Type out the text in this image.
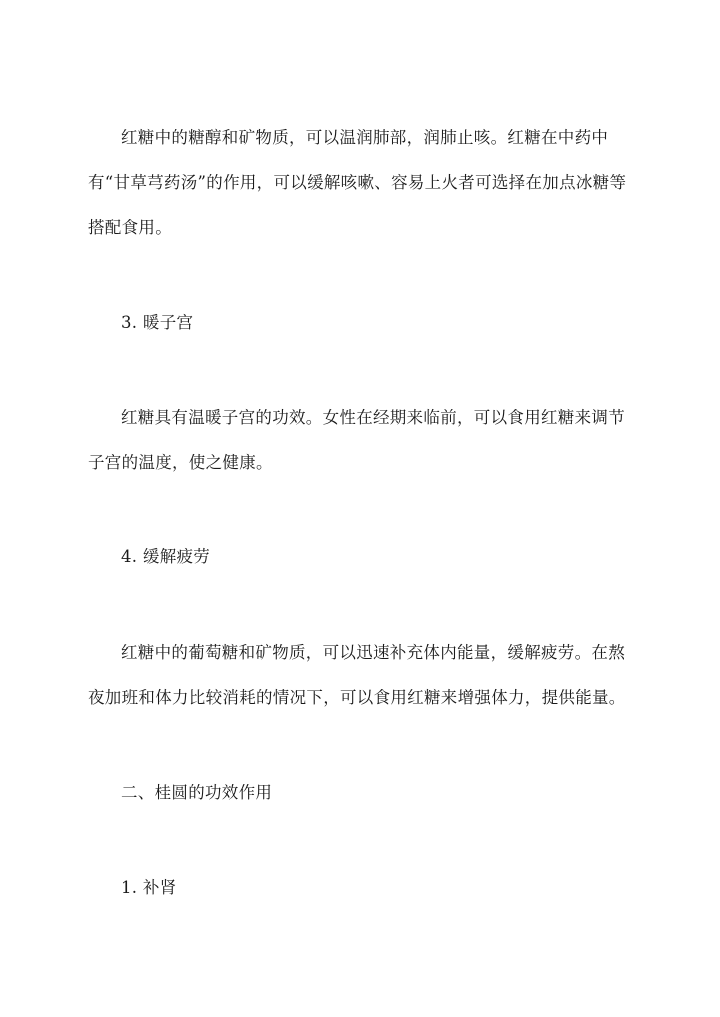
红糖中的糖醇和矿物质，可以温润肺部，润肺止咳。红糖在中药中有“甘草芎药汤”的作用，可以缓解咳嗽、容易上火者可选择在加点冰糖等搭配食用。

3. 暖子宫

红糖具有温暖子宫的功效。女性在经期来临前，可以食用红糖来调节子宫的温度，使之健康。

4. 缓解疲劳

红糖中的葡萄糖和矿物质，可以迅速补充体内能量，缓解疲劳。在熬夜加班和体力比较消耗的情况下，可以食用红糖来增强体力，提供能量。

二、桂圆的功效作用

1. 补肾
